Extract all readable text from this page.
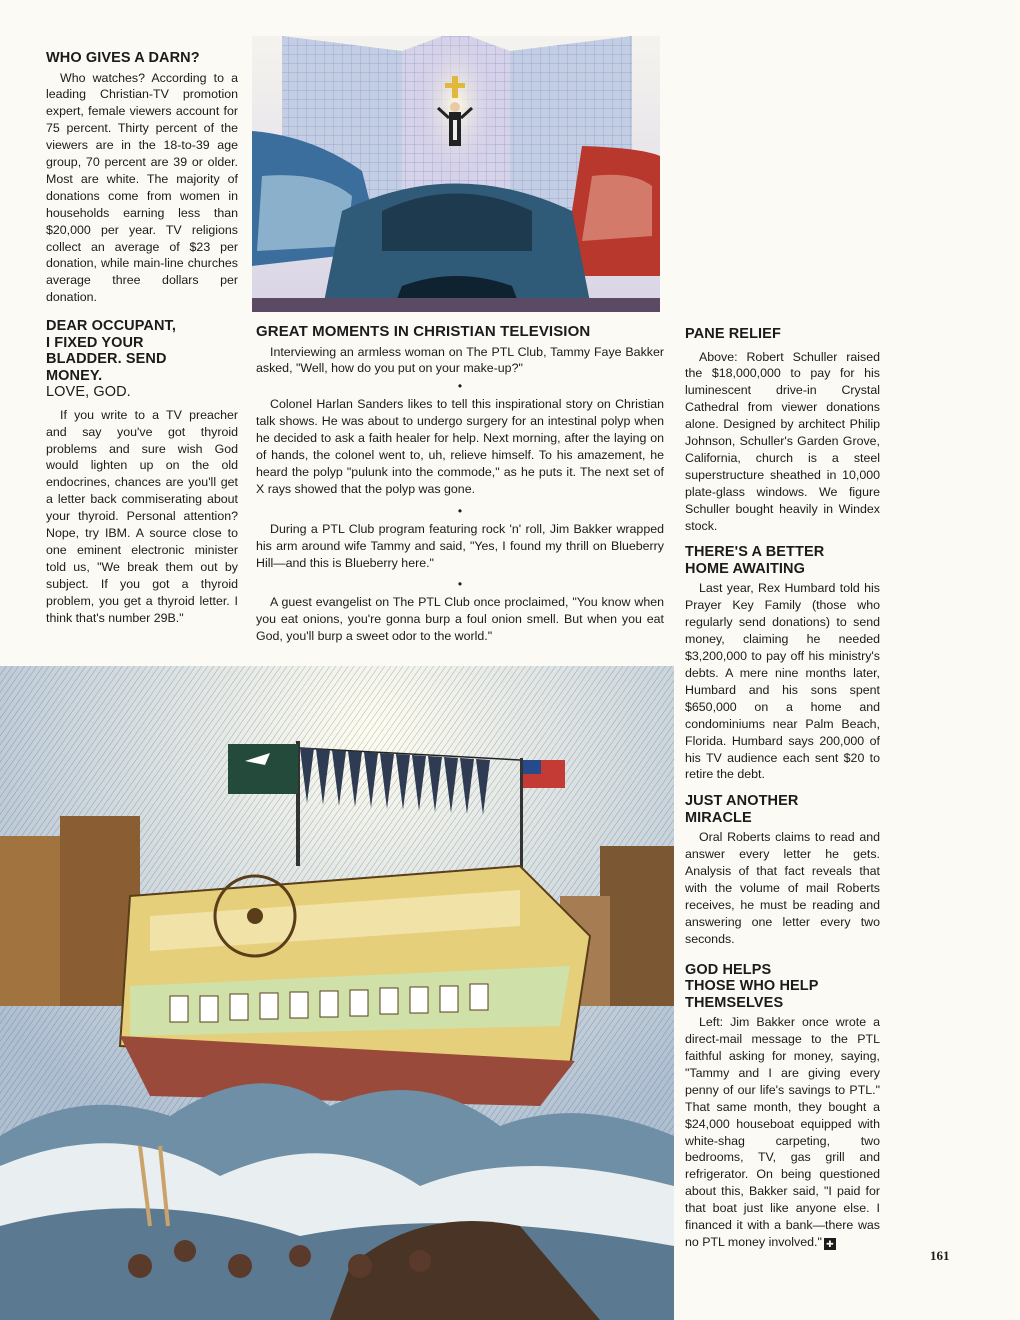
WHO GIVES A DARN?

Who watches? According to a leading Christian-TV promotion expert, female viewers account for 75 percent. Thirty percent of the viewers are in the 18-to-39 age group, 70 percent are 39 or older. Most are white. The majority of donations come from women in households earning less than $20,000 per year. TV religions collect an average of $23 per donation, while main-line churches average three dollars per donation.

DEAR OCCUPANT,
I FIXED YOUR
BLADDER. SEND
MONEY.
LOVE, GOD.

If you write to a TV preacher and say you've got thyroid problems and sure wish God would lighten up on the old endocrines, chances are you'll get a letter back commiserating about your thyroid. Personal attention? Nope, try IBM. A source close to one eminent electronic minister told us, "We break them out by subject. If you got a thyroid problem, you get a thyroid letter. I think that's number 29B."

GREAT MOMENTS IN CHRISTIAN TELEVISION

Interviewing an armless woman on The PTL Club, Tammy Faye Bakker asked, "Well, how do you put on your make-up?"

•

Colonel Harlan Sanders likes to tell this inspirational story on Christian talk shows. He was about to undergo surgery for an intestinal polyp when he decided to ask a faith healer for help. Next morning, after the laying on of hands, the colonel went to, uh, relieve himself. To his amazement, he heard the polyp "pulunk into the commode," as he puts it. The next set of X rays showed that the polyp was gone.

•

During a PTL Club program featuring rock 'n' roll, Jim Bakker wrapped his arm around wife Tammy and said, "Yes, I found my thrill on Blueberry Hill—and this is Blueberry here."

•

A guest evangelist on The PTL Club once proclaimed, "You know when you eat onions, you're gonna burp a foul onion smell. But when you eat God, you'll burp a sweet odor to the world."

PANE RELIEF

Above: Robert Schuller raised the $18,000,000 to pay for his luminescent drive-in Crystal Cathedral from viewer donations alone. Designed by architect Philip Johnson, Schuller's Garden Grove, California, church is a steel superstructure sheathed in 10,000 plate-glass windows. We figure Schuller bought heavily in Windex stock.

THERE'S A BETTER
HOME AWAITING

Last year, Rex Humbard told his Prayer Key Family (those who regularly send donations) to send money, claiming he needed $3,200,000 to pay off his ministry's debts. A mere nine months later, Humbard and his sons spent $650,000 on a home and condominiums near Palm Beach, Florida. Humbard says 200,000 of his TV audience each sent $20 to retire the debt.

JUST ANOTHER
MIRACLE

Oral Roberts claims to read and answer every letter he gets. Analysis of that fact reveals that with the volume of mail Roberts receives, he must be reading and answering one letter every two seconds.

GOD HELPS
THOSE WHO HELP
THEMSELVES

Left: Jim Bakker once wrote a direct-mail message to the PTL faithful asking for money, saying, "Tammy and I are giving every penny of our life's savings to PTL." That same month, they bought a $24,000 houseboat equipped with white-shag carpeting, two bedrooms, TV, gas grill and refrigerator. On being questioned about this, Bakker said, "I paid for that boat just like anyone else. I financed it with a bank—there was no PTL money involved." ✚

161
